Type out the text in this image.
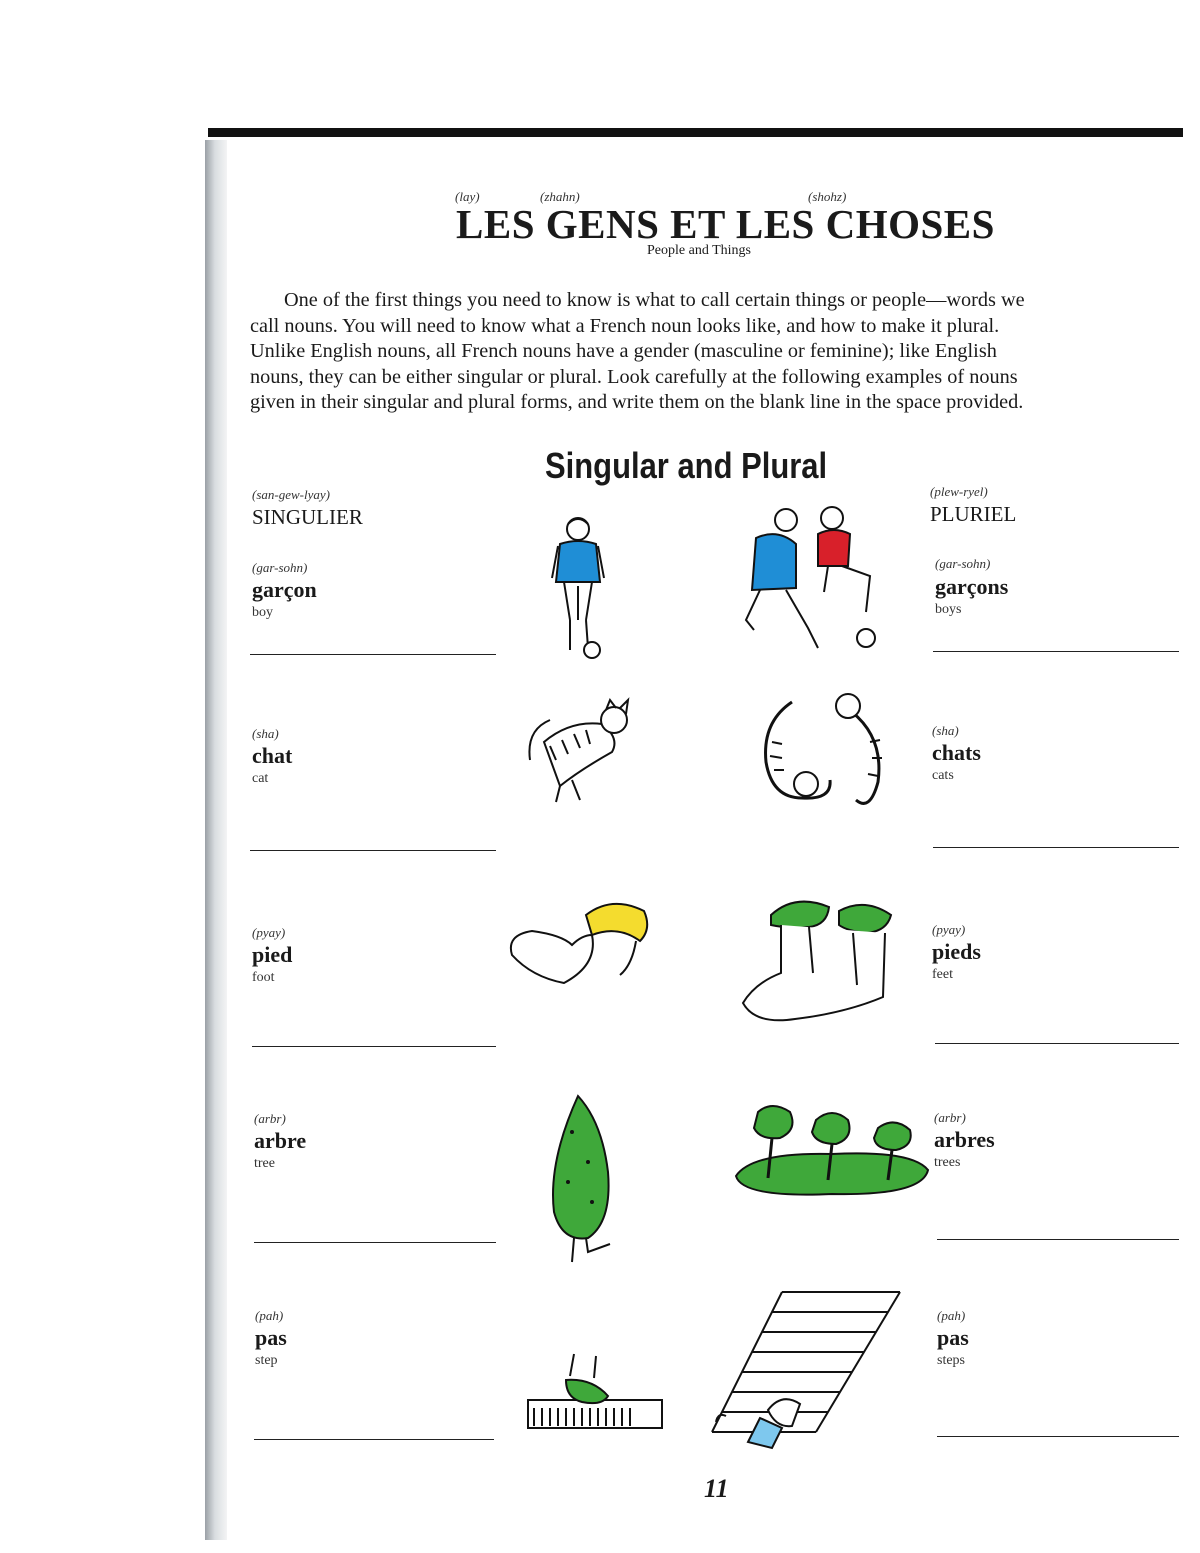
(lay)	(zhahn)	(shohz)
LES GENS ET LES CHOSES
People and Things

One of the first things you need to know is what to call certain things or people—words we

call nouns. You will need to know what a French noun looks like, and how to make it plural.
Unlike English nouns, all French nouns have a gender (masculine or feminine); like English
nouns, they can be either singular or plural. Look carefully at the following examples of nouns
given in their singular and plural forms, and write them on the blank line in the space provided.
Singular and Plural
(san-gew-lyay)
SINGULIER
(plew-ryel)
PLURIEL
(gar-sohn)
garçon
boy
(gar-sohn)
garçons
boys
(sha)
chat
cat
(sha)
chats
cats
(pyay)
pied
foot
(pyay)
pieds
feet
(arbr)
arbre
tree
(arbr)
arbres
trees
(pah)
pas
step
(pah)
pas
steps
11
